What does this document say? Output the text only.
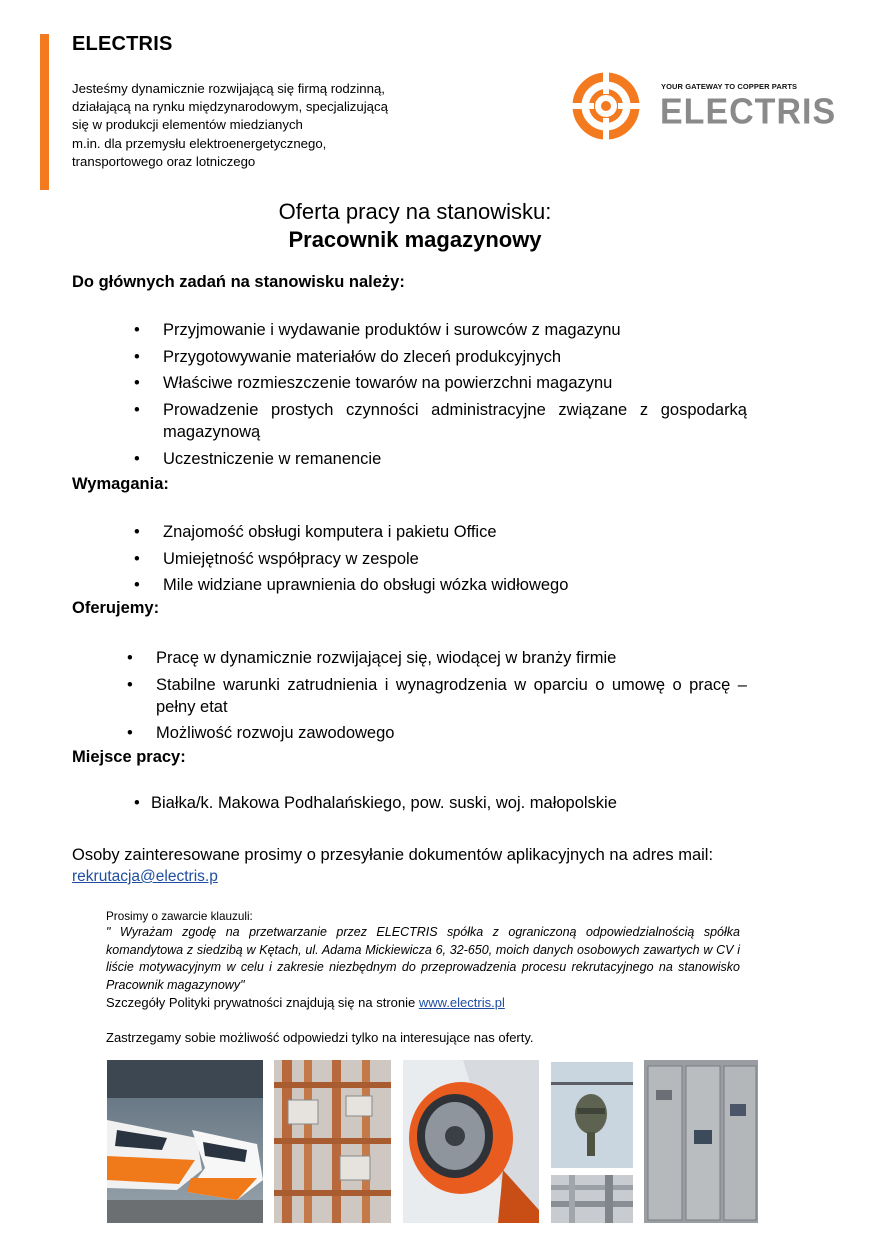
ELECTRIS
Jesteśmy dynamicznie rozwijającą się firmą rodzinną,
działającą na rynku międzynarodowym, specjalizującą
się w produkcji elementów miedzianych
m.in. dla przemysłu elektroenergetycznego,
transportowego oraz lotniczego
YOUR GATEWAY TO COPPER PARTS
ELECTRIS
Oferta pracy na stanowisku:
Pracownik magazynowy
Do głównych zadań na stanowisku należy:
• Przyjmowanie i wydawanie produktów i surowców z magazynu
• Przygotowywanie materiałów do zleceń produkcyjnych
• Właściwe rozmieszczenie towarów na powierzchni magazynu
• Prowadzenie prostych czynności administracyjne związane z gospodarką magazynową
• Uczestniczenie w remanencie
Wymagania:
• Znajomość obsługi komputera i pakietu Office
• Umiejętność współpracy w zespole
• Mile widziane uprawnienia do obsługi wózka widłowego
Oferujemy:
• Pracę w dynamicznie rozwijającej się, wiodącej w branży firmie
• Stabilne warunki zatrudnienia i wynagrodzenia w oparciu o umowę o pracę – pełny etat
• Możliwość rozwoju zawodowego
Miejsce pracy:
• Białka/k. Makowa Podhalańskiego, pow. suski, woj. małopolskie
Osoby zainteresowane prosimy o przesyłanie dokumentów aplikacyjnych na adres mail:
rekrutacja@electris.p
Prosimy o zawarcie klauzuli:
" Wyrażam zgodę na przetwarzanie przez ELECTRIS spółka z ograniczoną odpowiedzialnością spółka komandytowa z siedzibą w Kętach, ul. Adama Mickiewicza 6, 32-650, moich danych osobowych zawartych w CV i liście motywacyjnym w celu i zakresie niezbędnym do przeprowadzenia procesu rekrutacyjnego na stanowisko Pracownik magazynowy"
Szczegóły Polityki prywatności znajdują się na stronie www.electris.pl
Zastrzegamy sobie możliwość odpowiedzi tylko na interesujące nas oferty.
